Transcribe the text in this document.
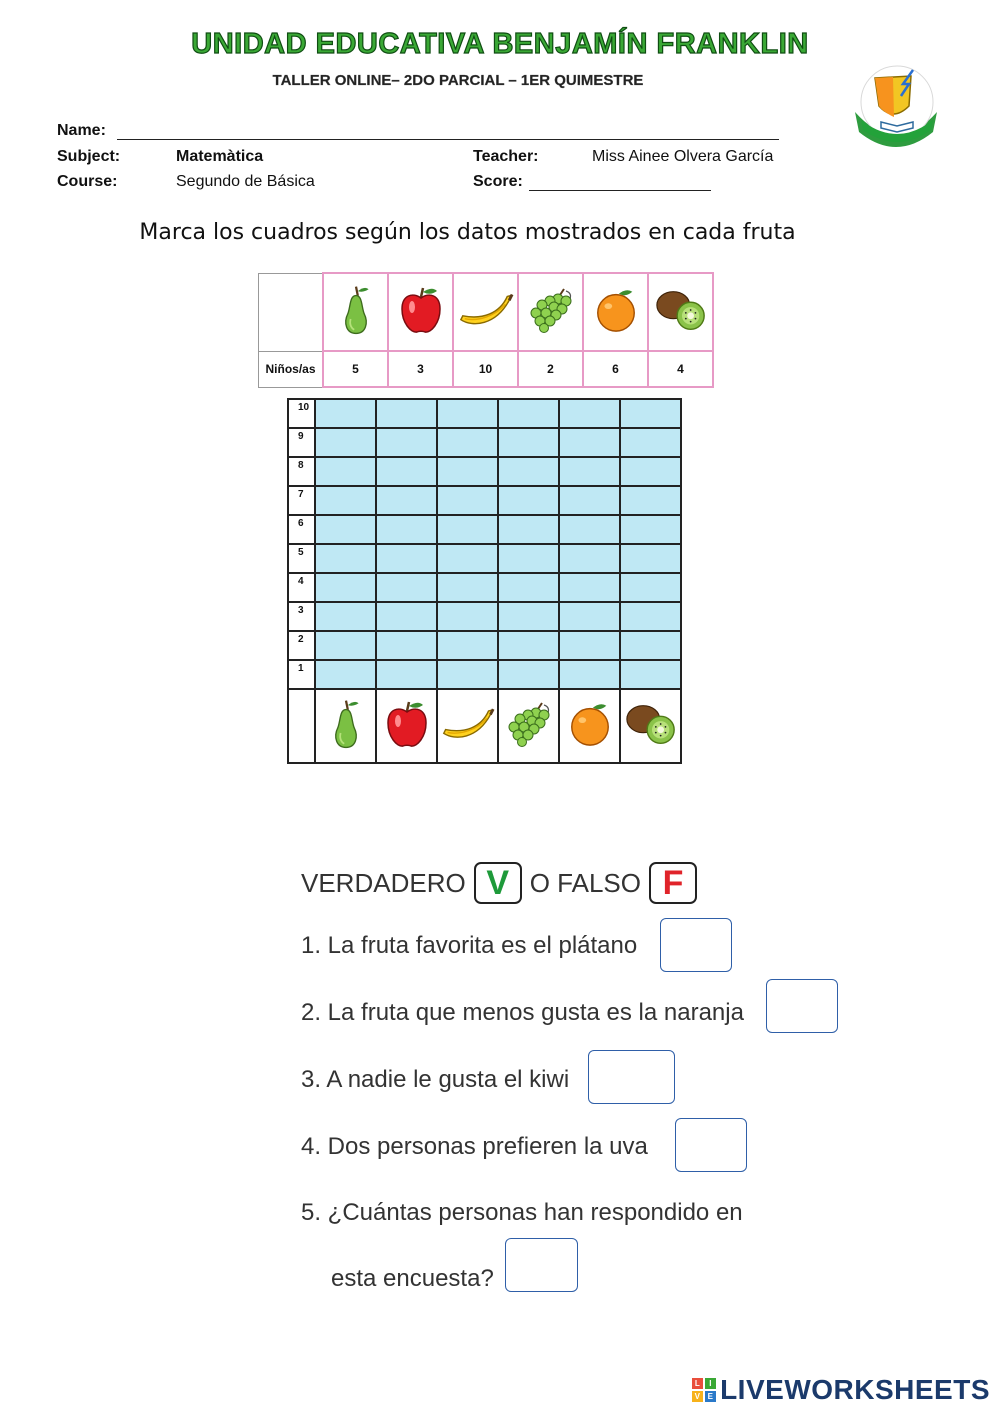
UNIDAD EDUCATIVA BENJAMÍN FRANKLIN
TALLER ONLINE– 2DO PARCIAL – 1ER QUIMESTRE
Name:
Subject:	Matemàtica	Teacher:	Miss Ainee Olvera García
Course:	Segundo de Básica	Score:
Marca los cuadros según los datos mostrados en cada fruta

Niños/as	5	3	10	2	6	4
10						
9						
8						
7						
6						
5						
4						
3						
2						
1						

VERDADERO V O FALSO F
1. La fruta favorita es el plátano
2. La fruta que menos gusta es la naranja
3. A nadie le gusta el kiwi
4. Dos personas prefieren la uva
5. ¿Cuántas personas han respondido en
esta encuesta?
L	I
V E LIVEWORKSHEETS
